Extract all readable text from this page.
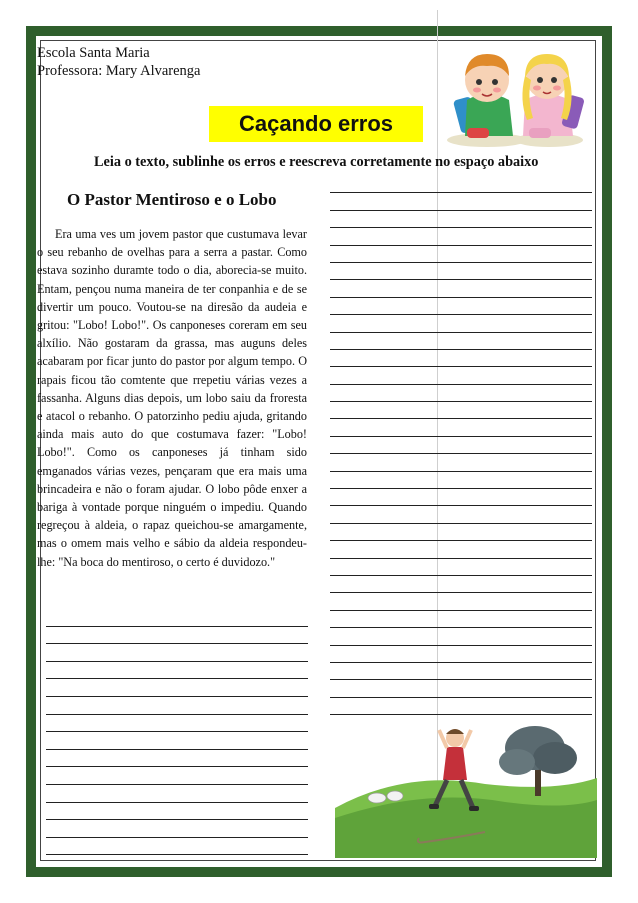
Escola Santa Maria
Professora: Mary Alvarenga
Caçando erros
Leia o texto, sublinhe os erros e reescreva corretamente no espaço abaixo
O Pastor Mentiroso e o Lobo

Era uma ves um jovem pastor que custumava levar o seu rebanho de ovelhas para a serra a pastar. Como estava sozinho duramte todo o dia, aborecia-se muito. Entam, pençou numa maneira de ter conpanhia e de se divertir um pouco. Voutou-se na diresão da audeia e gritou: "Lobo! Lobo!". Os canponeses coreram em seu alxílio. Não gostaram da grassa, mas auguns deles acabaram por ficar junto do pastor por algum tempo. O rapais ficou tão comtente que rrepetiu várias vezes a fassanha. Alguns dias depois, um lobo saiu da froresta e atacol o rebanho. O patorzinho pediu ajuda, gritando ainda mais auto do que costumava fazer: "Lobo! Lobo!". Como os canponeses já tinham sido emganados várias vezes, pençaram que era mais uma brincadeira e não o foram ajudar. O lobo pôde enxer a bariga à vontade porque ninguém o impediu. Quando regreçou à aldeia, o rapaz queichou-se amargamente, mas o omem mais velho e sábio da aldeia respondeu-lhe: "Na boca do mentiroso, o certo é duvidozo."
